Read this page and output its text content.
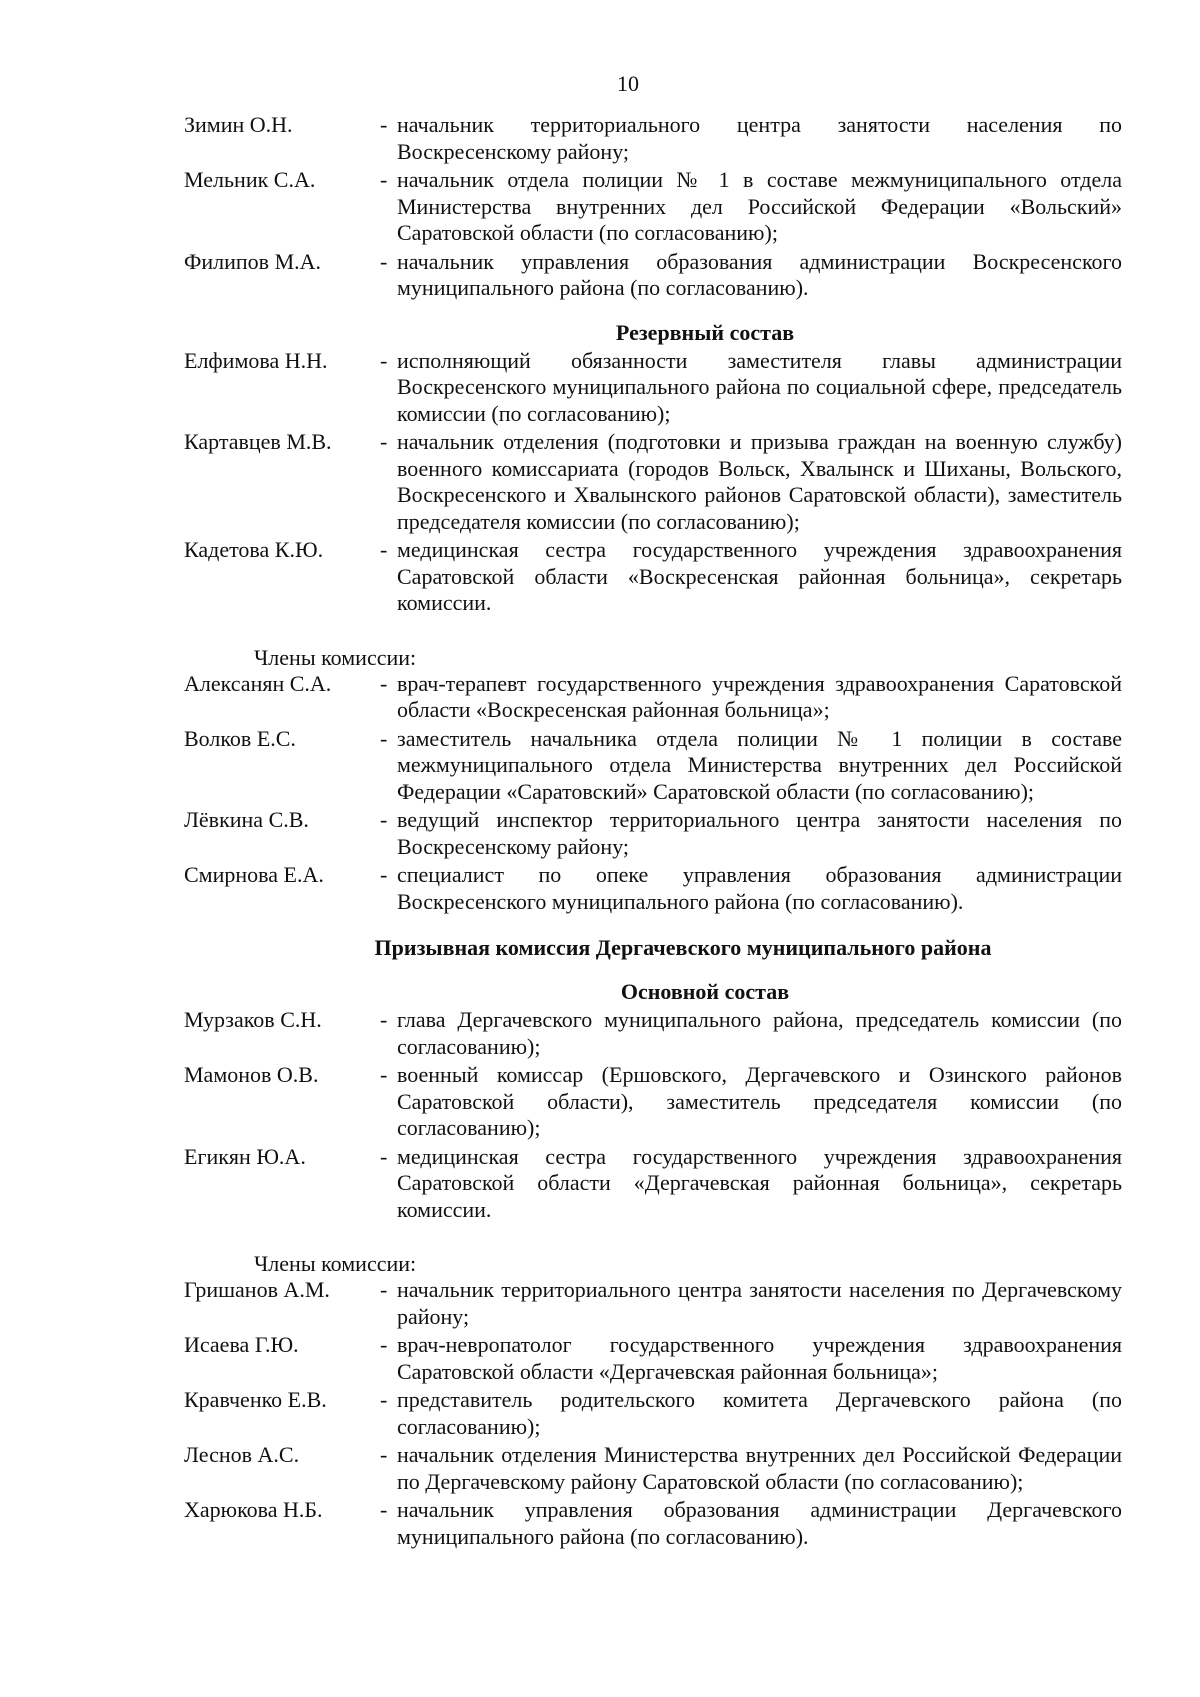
10
Зимин О.Н.	- начальник территориального центра занятости населения по Воскресенскому району;
Мельник С.А.	- начальник отдела полиции № 1 в составе межмуниципального отдела Министерства внутренних дел Российской Федерации «Вольский» Саратовской области (по согласованию);
Филипов М.А.	- начальник управления образования администрации Воскресенского муниципального района (по согласованию).
Резервный состав
Елфимова Н.Н.	- исполняющий обязанности заместителя главы администрации Воскресенского муниципального района по социальной сфере, председатель комиссии (по согласованию);
Картавцев М.В.	- начальник отделения (подготовки и призыва граждан на военную службу) военного комиссариата (городов Вольск, Хвалынск и Шиханы, Вольского, Воскресенского и Хвалынского районов Саратовской области), заместитель председателя комиссии (по согласованию);
Кадетова К.Ю.	- медицинская сестра государственного учреждения здравоохранения Саратовской области «Воскресенская районная больница», секретарь комиссии.
Члены комиссии:
Алексанян С.А.	- врач-терапевт государственного учреждения здравоохранения Саратовской области «Воскресенская районная больница»;
Волков Е.С.	- заместитель начальника отдела полиции № 1 полиции в составе межмуниципального отдела Министерства внутренних дел Российской Федерации «Саратовский» Саратовской области (по согласованию);
Лёвкина С.В.	- ведущий инспектор территориального центра занятости населения по Воскресенскому району;
Смирнова Е.А.	- специалист по опеке управления образования администрации Воскресенского муниципального района (по согласованию).
Призывная комиссия Дергачевского муниципального района
Основной состав
Мурзаков С.Н.	- глава Дергачевского муниципального района, председатель комиссии (по согласованию);
Мамонов О.В.	- военный комиссар (Ершовского, Дергачевского и Озинского районов Саратовской области), заместитель председателя комиссии (по согласованию);
Егикян Ю.А.	- медицинская сестра государственного учреждения здравоохранения Саратовской области «Дергачевская районная больница», секретарь комиссии.
Члены комиссии:
Гришанов А.М.	- начальник территориального центра занятости населения по Дергачевскому району;
Исаева Г.Ю.	- врач-невропатолог государственного учреждения здравоохранения Саратовской области «Дергачевская районная больница»;
Кравченко Е.В.	- представитель родительского комитета Дергачевского района (по согласованию);
Леснов А.С.	- начальник отделения Министерства внутренних дел Российской Федерации по Дергачевскому району Саратовской области (по согласованию);
Харюкова Н.Б.	- начальник управления образования администрации Дергачевского муниципального района (по согласованию).
